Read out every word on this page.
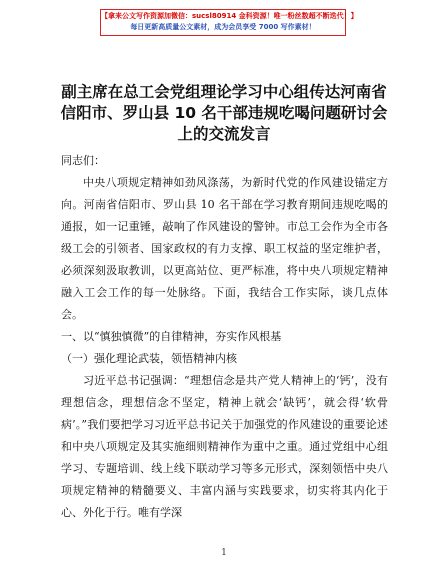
【拿来公文写作资源加微信：sucsl80914 金科资源！唯一粉丝数超不断迭代！】
每日更新高质量公文素材，成为会员享受 7000 写作素材！
副主席在总工会党组理论学习中心组传达河南省信阳市、罗山县 10 名干部违规吃喝问题研讨会上的交流发言

同志们：

中央八项规定精神如劲风涤荡，为新时代党的作风建设锚定方向。河南省信阳市、罗山县 10 名干部在学习教育期间违规吃喝的通报，如一记重锤，敲响了作风建设的警钟。市总工会作为全市各级工会的引领者、国家政权的有力支撑、职工权益的坚定维护者，必须深刻汲取教训，以更高站位、更严标准，将中央八项规定精神融入工会工作的每一处脉络。下面，我结合工作实际，谈几点体会。

一、以“慎独慎微”的自律精神，夯实作风根基

（一）强化理论武装，领悟精神内核

习近平总书记强调：“理想信念是共产党人精神上的‘钙’，没有理想信念，理想信念不坚定，精神上就会‘缺钙’，就会得‘软骨病’。”我们要把学习习近平总书记关于加强党的作风建设的重要论述和中央八项规定及其实施细则精神作为重中之重。通过党组中心组学习、专题培训、线上线下联动学习等多元形式，深刻领悟中央八项规定精神的精髓要义、丰富内涵与实践要求，切实将其内化于心、外化于行。唯有学深

1
